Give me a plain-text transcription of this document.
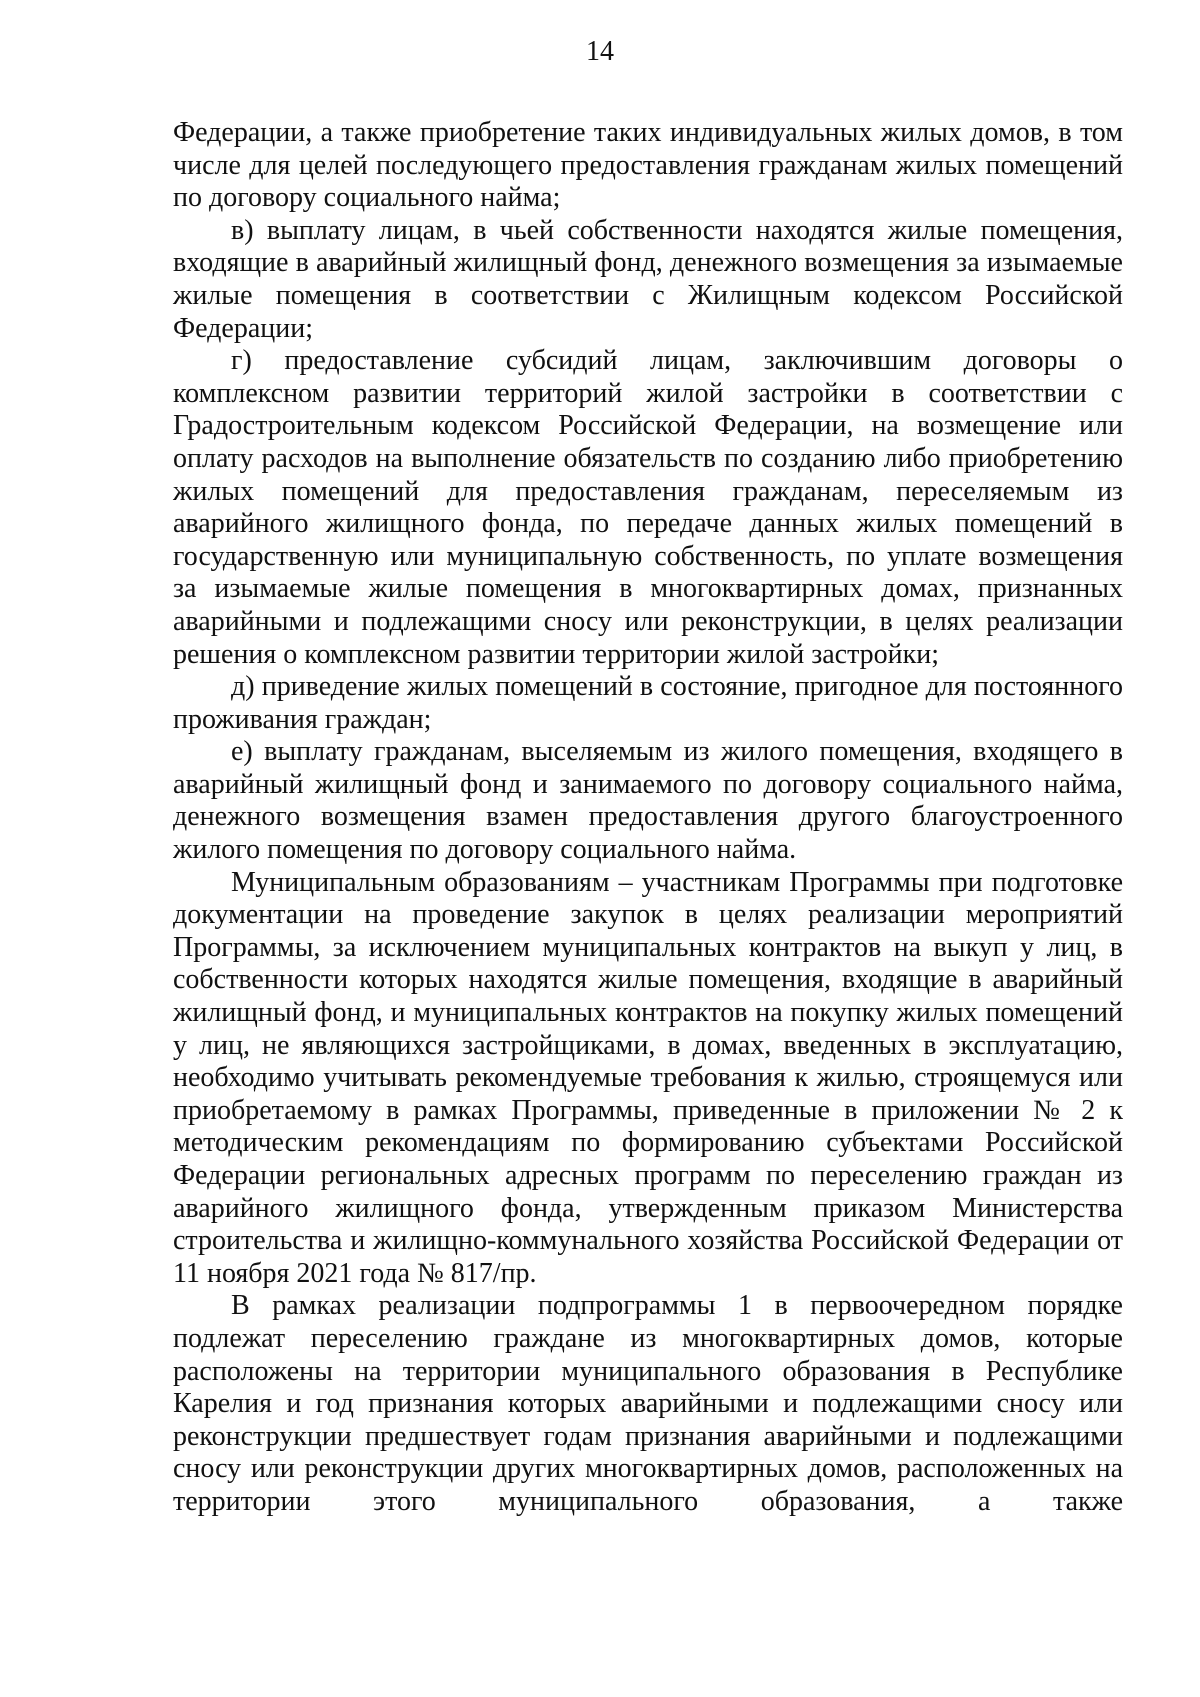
14

Федерации, а также приобретение таких индивидуальных жилых домов, в том числе для целей последующего предоставления гражданам жилых помещений по договору социального найма;

в) выплату лицам, в чьей собственности находятся жилые помещения, входящие в аварийный жилищный фонд, денежного возмещения за изымаемые жилые помещения в соответствии с Жилищным кодексом Российской Федерации;

г) предоставление субсидий лицам, заключившим договоры о комплексном развитии территорий жилой застройки в соответствии с Градостроительным кодексом Российской Федерации, на возмещение или оплату расходов на выполнение обязательств по созданию либо приобретению жилых помещений для предоставления гражданам, переселяемым из аварийного жилищного фонда, по передаче данных жилых помещений в государственную или муниципальную собственность, по уплате возмещения за изымаемые жилые помещения в многоквартирных домах, признанных аварийными и подлежащими сносу или реконструкции, в целях реализации решения о комплексном развитии территории жилой застройки;

д) приведение жилых помещений в состояние, пригодное для постоянного проживания граждан;

е) выплату гражданам, выселяемым из жилого помещения, входящего в аварийный жилищный фонд и занимаемого по договору социального найма, денежного возмещения взамен предоставления другого благоустроенного жилого помещения по договору социального найма.

Муниципальным образованиям – участникам Программы при подготовке документации на проведение закупок в целях реализации мероприятий Программы, за исключением муниципальных контрактов на выкуп у лиц, в собственности которых находятся жилые помещения, входящие в аварийный жилищный фонд, и муниципальных контрактов на покупку жилых помещений у лиц, не являющихся застройщиками, в домах, введенных в эксплуатацию, необходимо учитывать рекомендуемые требования к жилью, строящемуся или приобретаемому в рамках Программы, приведенные в приложении № 2 к методическим рекомендациям по формированию субъектами Российской Федерации региональных адресных программ по переселению граждан из аварийного жилищного фонда, утвержденным приказом Министерства строительства и жилищно-коммунального хозяйства Российской Федерации от 11 ноября 2021 года № 817/пр.

В рамках реализации подпрограммы 1 в первоочередном порядке подлежат переселению граждане из многоквартирных домов, которые расположены на территории муниципального образования в Республике Карелия и год признания которых аварийными и подлежащими сносу или реконструкции предшествует годам признания аварийными и подлежащими сносу или реконструкции других многоквартирных домов, расположенных на территории этого муниципального образования, а также
